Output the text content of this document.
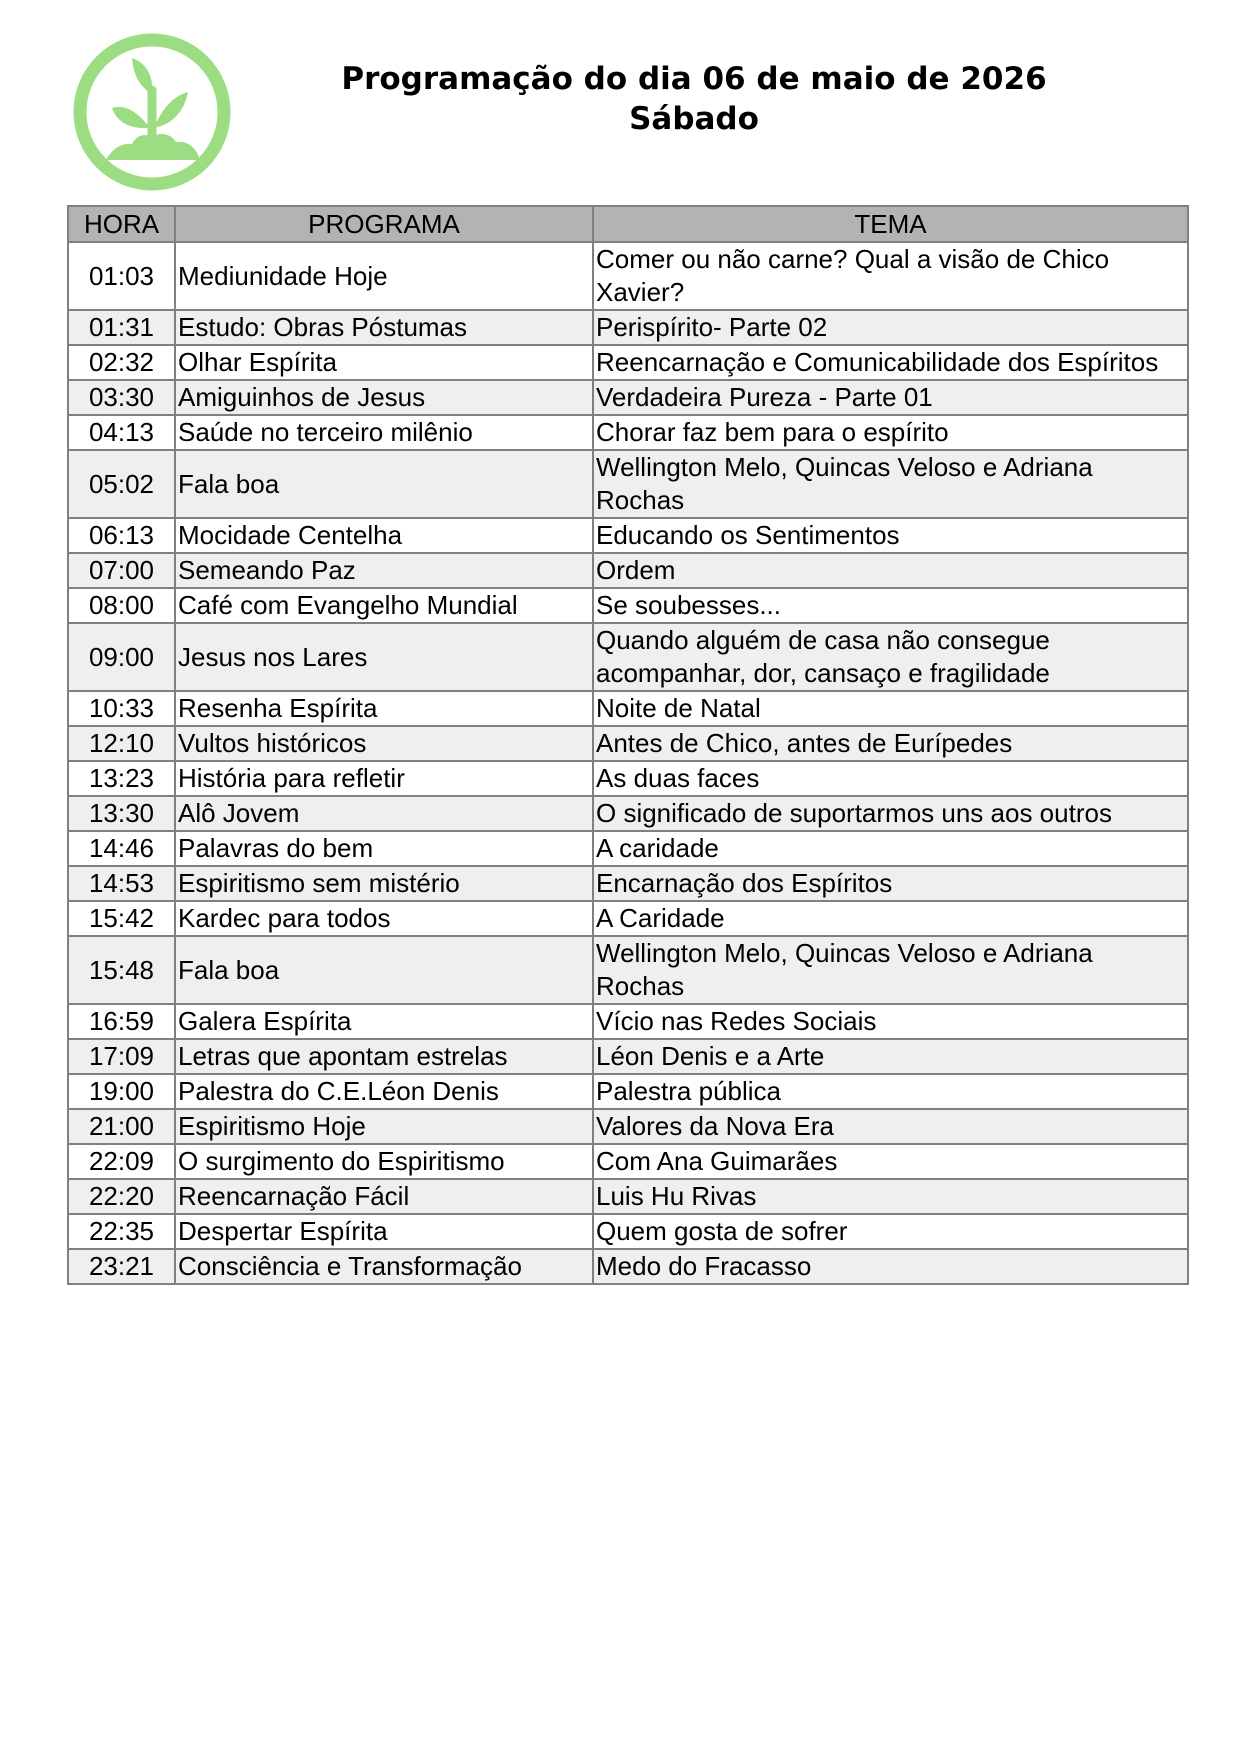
Programação do dia 06 de maio de 2026
Sábado
HORA	PROGRAMA	TEMA
01:03	Mediunidade Hoje	Comer ou não carne? Qual a visão de Chico Xavier?
01:31	Estudo: Obras Póstumas	Perispírito- Parte 02
02:32	Olhar Espírita	Reencarnação e Comunicabilidade dos Espíritos
03:30	Amiguinhos de Jesus	Verdadeira Pureza - Parte 01
04:13	Saúde no terceiro milênio	Chorar faz bem para o espírito
05:02	Fala boa	Wellington Melo, Quincas Veloso e Adriana Rochas
06:13	Mocidade Centelha	Educando os Sentimentos
07:00	Semeando Paz	Ordem
08:00	Café com Evangelho Mundial	Se soubesses...
09:00	Jesus nos Lares	Quando alguém de casa não consegue acompanhar, dor, cansaço e fragilidade
10:33	Resenha Espírita	Noite de Natal
12:10	Vultos históricos	Antes de Chico, antes de Eurípedes
13:23	História para refletir	As duas faces
13:30	Alô Jovem	O significado de suportarmos uns aos outros
14:46	Palavras do bem	A caridade
14:53	Espiritismo sem mistério	Encarnação dos Espíritos
15:42	Kardec para todos	A Caridade
15:48	Fala boa	Wellington Melo, Quincas Veloso e Adriana Rochas
16:59	Galera Espírita	Vício nas Redes Sociais
17:09	Letras que apontam estrelas	Léon Denis e a Arte
19:00	Palestra do C.E.Léon Denis	Palestra pública
21:00	Espiritismo Hoje	Valores da Nova Era
22:09	O surgimento do Espiritismo	Com Ana Guimarães
22:20	Reencarnação Fácil	Luis Hu Rivas
22:35	Despertar Espírita	Quem gosta de sofrer
23:21	Consciência e Transformação	Medo do Fracasso
